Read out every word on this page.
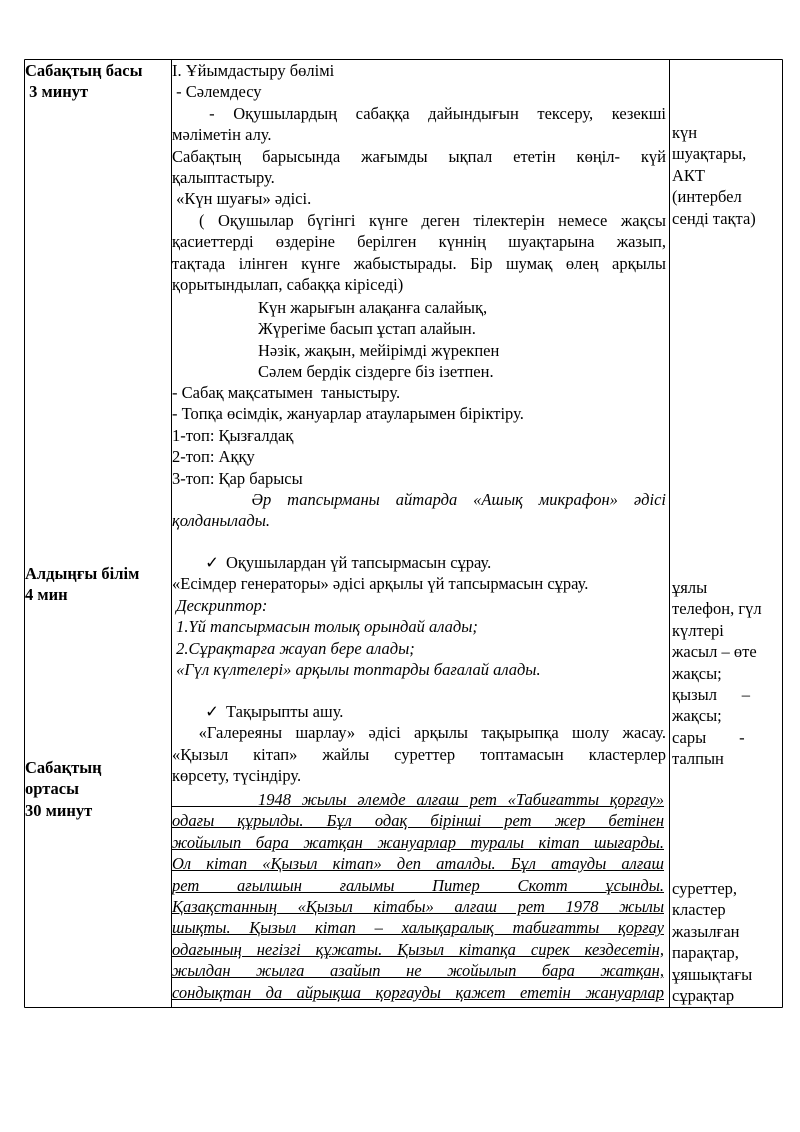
Сабақтың басы
3 минут
Алдыңғы білім
4 мин
Сабақтың
ортасы
30 минут
I. Ұйымдастыру бөлімі
- Сәлемдесу
- Оқушылардың сабаққа дайындығын тексеру, кезекші
мәліметін алу.
Сабақтың барысында жағымды ықпал ететін көңіл- күй
қалыптастыру.
«Күн шуағы» әдісі.
( Оқушылар бүгінгі күнге деген тілектерін немесе жақсы
қасиеттерді өздеріне берілген күннің шуақтарына жазып,
тақтада ілінген күнге жабыстырады. Бір шумақ өлең арқылы
қорытындылап, сабаққа кіріседі)
Күн жарығын алақанға салайық,
Жүрегіме басып ұстап алайын.
Нәзік, жақын, мейірімді жүрекпен
Сәлем бердік сіздерге біз ізетпен.
- Сабақ мақсатымен  таныстыру.
- Топқа өсімдік, жануарлар атауларымен біріктіру.
1-топ: Қызғалдақ
2-топ: Аққу
3-топ: Қар барысы
Әр тапсырманы айтарда «Ашық микрафон» әдісі
қолданылады.
✓ Оқушылардан үй тапсырмасын сұрау.
«Есімдер генераторы» әдісі арқылы үй тапсырмасын сұрау.
Дескриптор:
1.Үй тапсырмасын толық орындай алады;
2.Сұрақтарға жауап бере алады;
«Гүл күлтелері» арқылы топтарды бағалай алады.
✓ Тақырыпты ашу.
«Галереяны шарлау» әдісі арқылы тақырыпқа шолу жасау.
«Қызыл кітап» жайлы суреттер топтамасын кластерлер
көрсету, түсіндіру.
1948 жылы әлемде алғаш рет «Табиғатты қорғау»
одағы құрылды. Бұл одақ бірінші рет жер бетінен
жойылып бара жатқан жануарлар туралы кітап шығарды.
Ол кітап «Қызыл кітап» деп аталды. Бұл атауды алғаш
рет ағылшын ғалымы Питер Скотт ұсынды.
Қазақстанның «Қызыл кітабы» алғаш рет 1978 жылы
шықты. Қызыл кітап – халықаралық табиғатты қорғау
одағының негізгі құжаты. Қызыл кітапқа сирек кездесетін,
жылдан жылға азайып не жойылып бара жатқан,
сондықтан да айрықша қорғауды қажет ететін жануарлар
күн
шуақтары,
АКТ
(интербел
сенді тақта)
ұялы
телефон, гүл
күлтері
жасыл – өте
жақсы;
қызыл      –
жақсы;
сары        -
талпын
суреттер,
кластер
жазылған
парақтар,
ұяшықтағы
сұрақтар
